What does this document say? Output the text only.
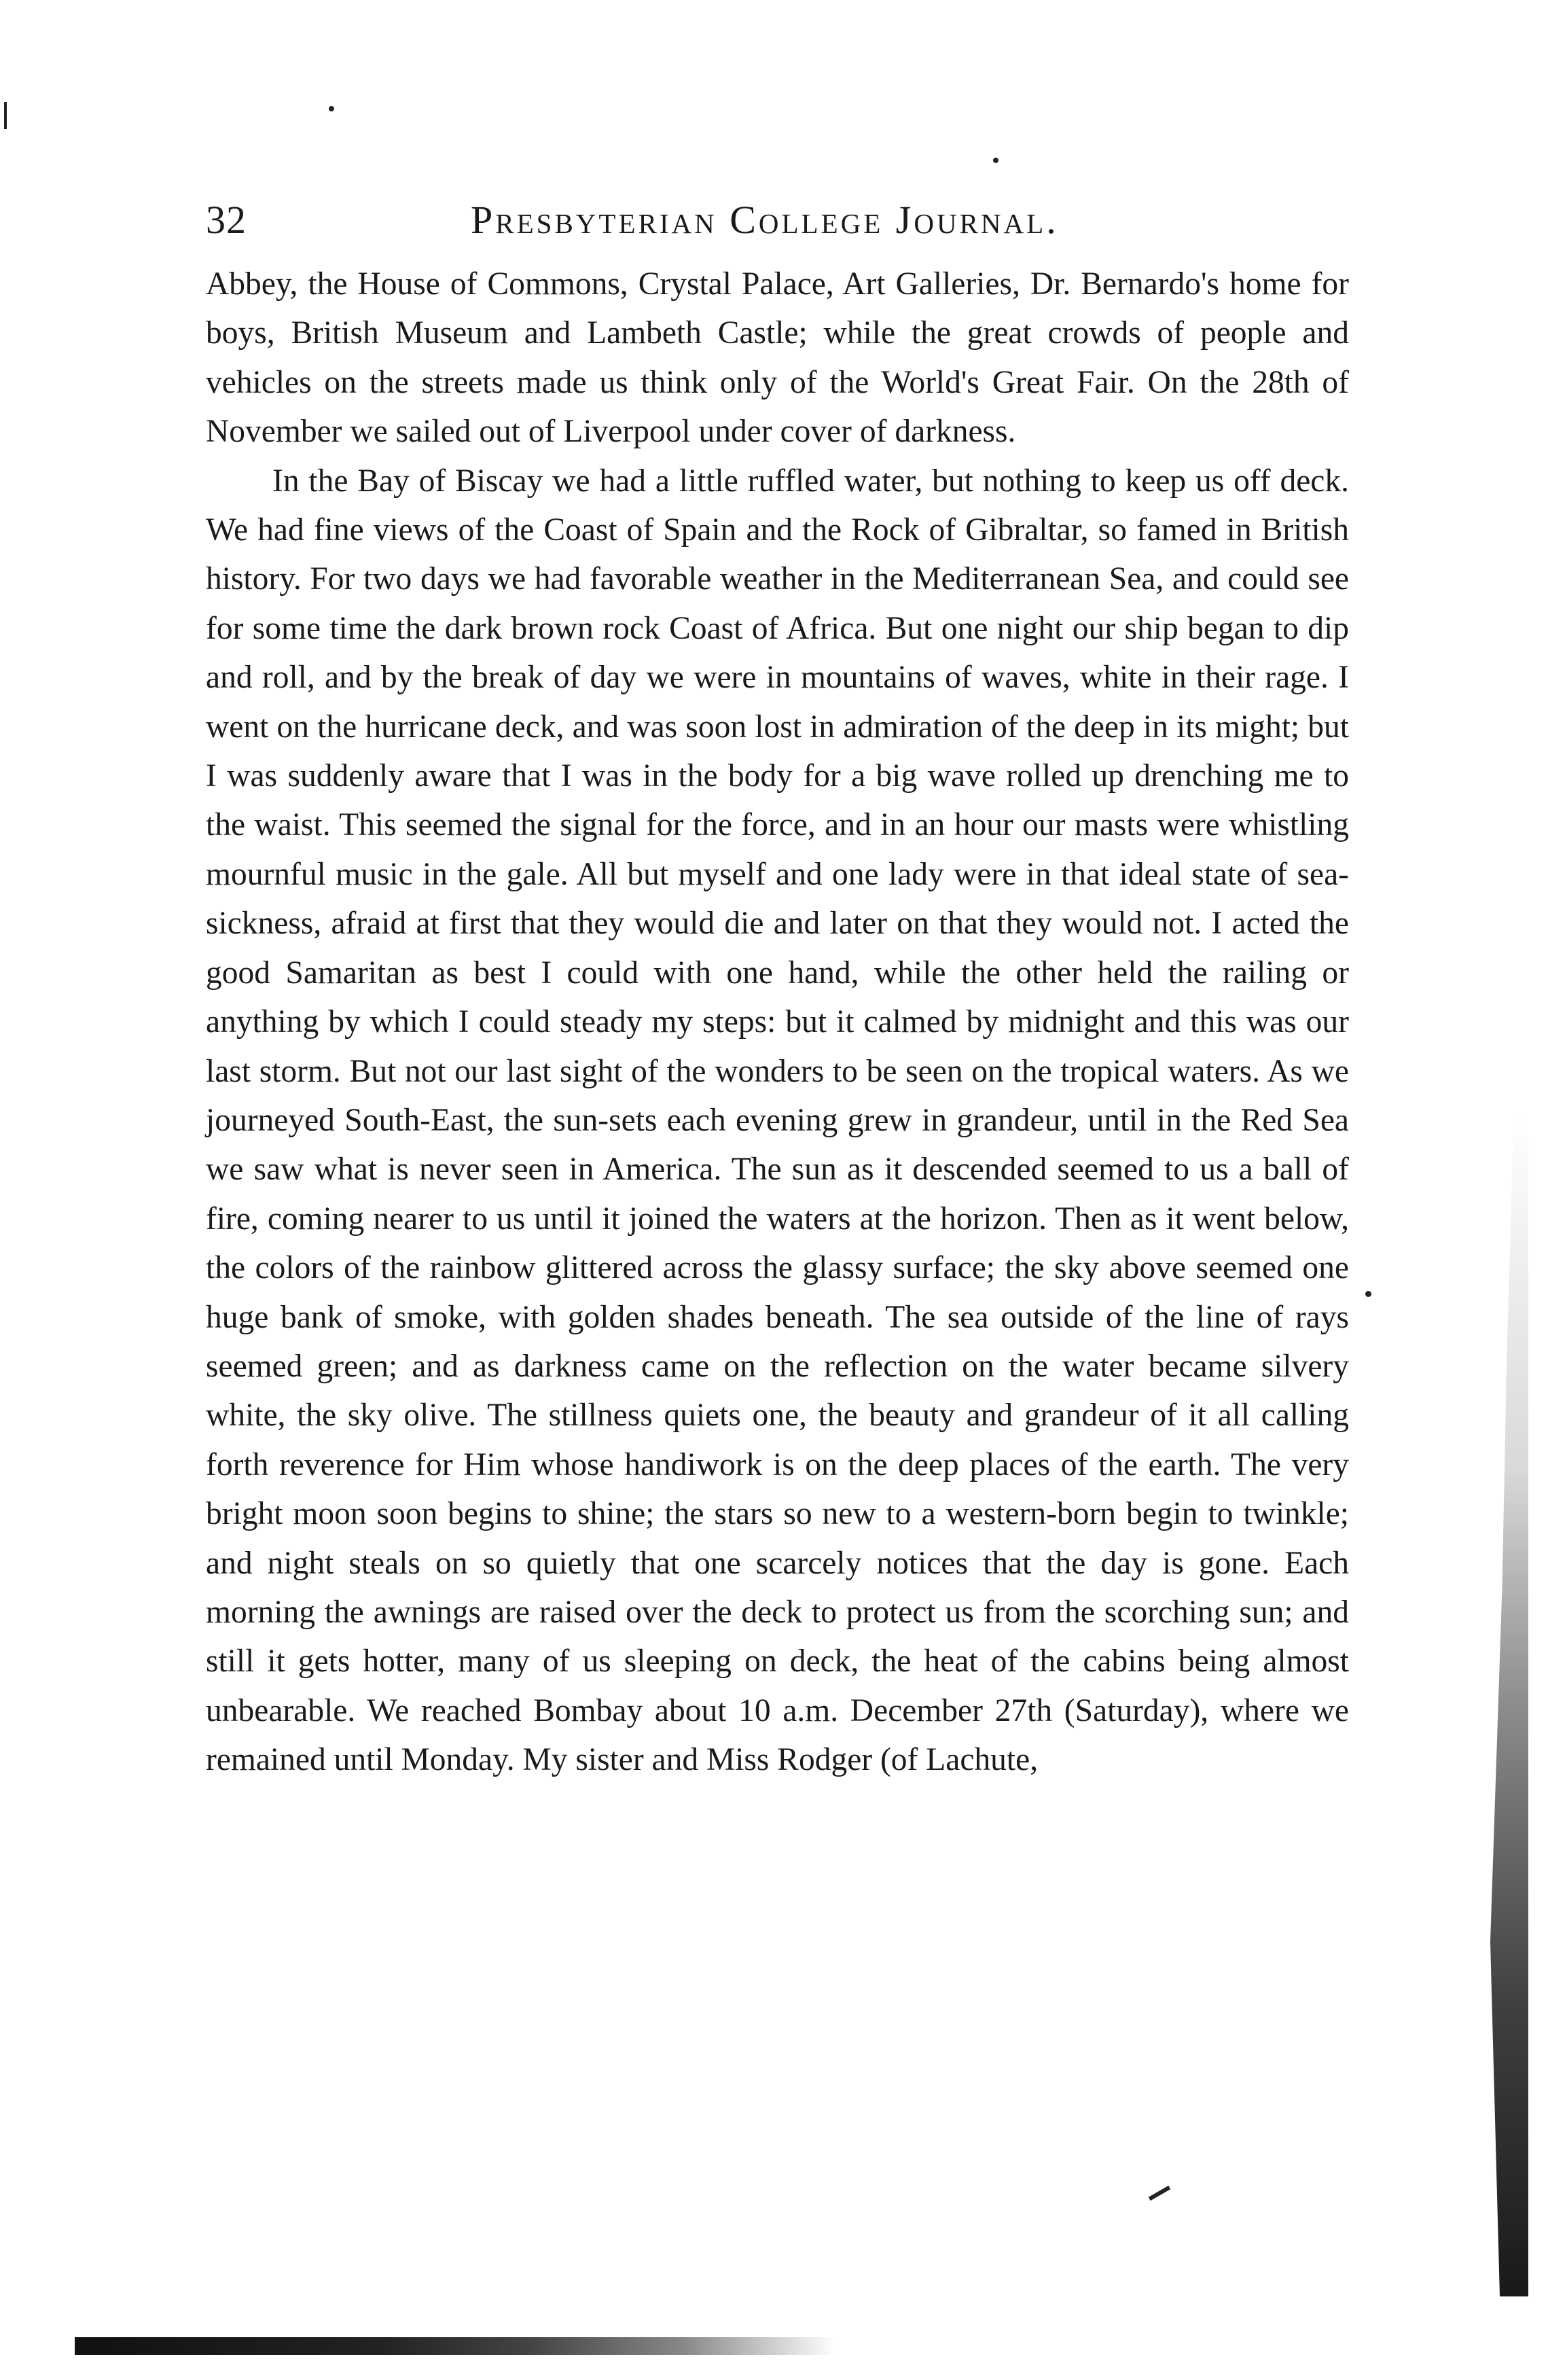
32	Presbyterian College Journal.

Abbey, the House of Commons, Crystal Palace, Art Galleries, Dr. Bernardo's home for boys, British Museum and Lambeth Castle; while the great crowds of people and vehicles on the streets made us think only of the World's Great Fair. On the 28th of November we sailed out of Liverpool under cover of darkness.

In the Bay of Biscay we had a little ruffled water, but nothing to keep us off deck. We had fine views of the Coast of Spain and the Rock of Gibraltar, so famed in British history. For two days we had favorable weather in the Mediterranean Sea, and could see for some time the dark brown rock Coast of Africa. But one night our ship began to dip and roll, and by the break of day we were in mountains of waves, white in their rage. I went on the hurricane deck, and was soon lost in admiration of the deep in its might; but I was suddenly aware that I was in the body for a big wave rolled up drenching me to the waist. This seemed the signal for the force, and in an hour our masts were whistling mournful music in the gale. All but myself and one lady were in that ideal state of sea-sickness, afraid at first that they would die and later on that they would not. I acted the good Samaritan as best I could with one hand, while the other held the railing or anything by which I could steady my steps: but it calmed by midnight and this was our last storm. But not our last sight of the wonders to be seen on the tropical waters. As we journeyed South-East, the sun-sets each evening grew in grandeur, until in the Red Sea we saw what is never seen in America. The sun as it descended seemed to us a ball of fire, coming nearer to us until it joined the waters at the horizon. Then as it went below, the colors of the rainbow glittered across the glassy surface; the sky above seemed one huge bank of smoke, with golden shades beneath. The sea outside of the line of rays seemed green; and as darkness came on the reflection on the water became silvery white, the sky olive. The stillness quiets one, the beauty and grandeur of it all calling forth reverence for Him whose handiwork is on the deep places of the earth. The very bright moon soon begins to shine; the stars so new to a western-born begin to twinkle; and night steals on so quietly that one scarcely notices that the day is gone. Each morning the awnings are raised over the deck to protect us from the scorching sun; and still it gets hotter, many of us sleeping on deck, the heat of the cabins being almost unbearable. We reached Bombay about 10 a.m. December 27th (Saturday), where we remained until Monday. My sister and Miss Rodger (of Lachute,
